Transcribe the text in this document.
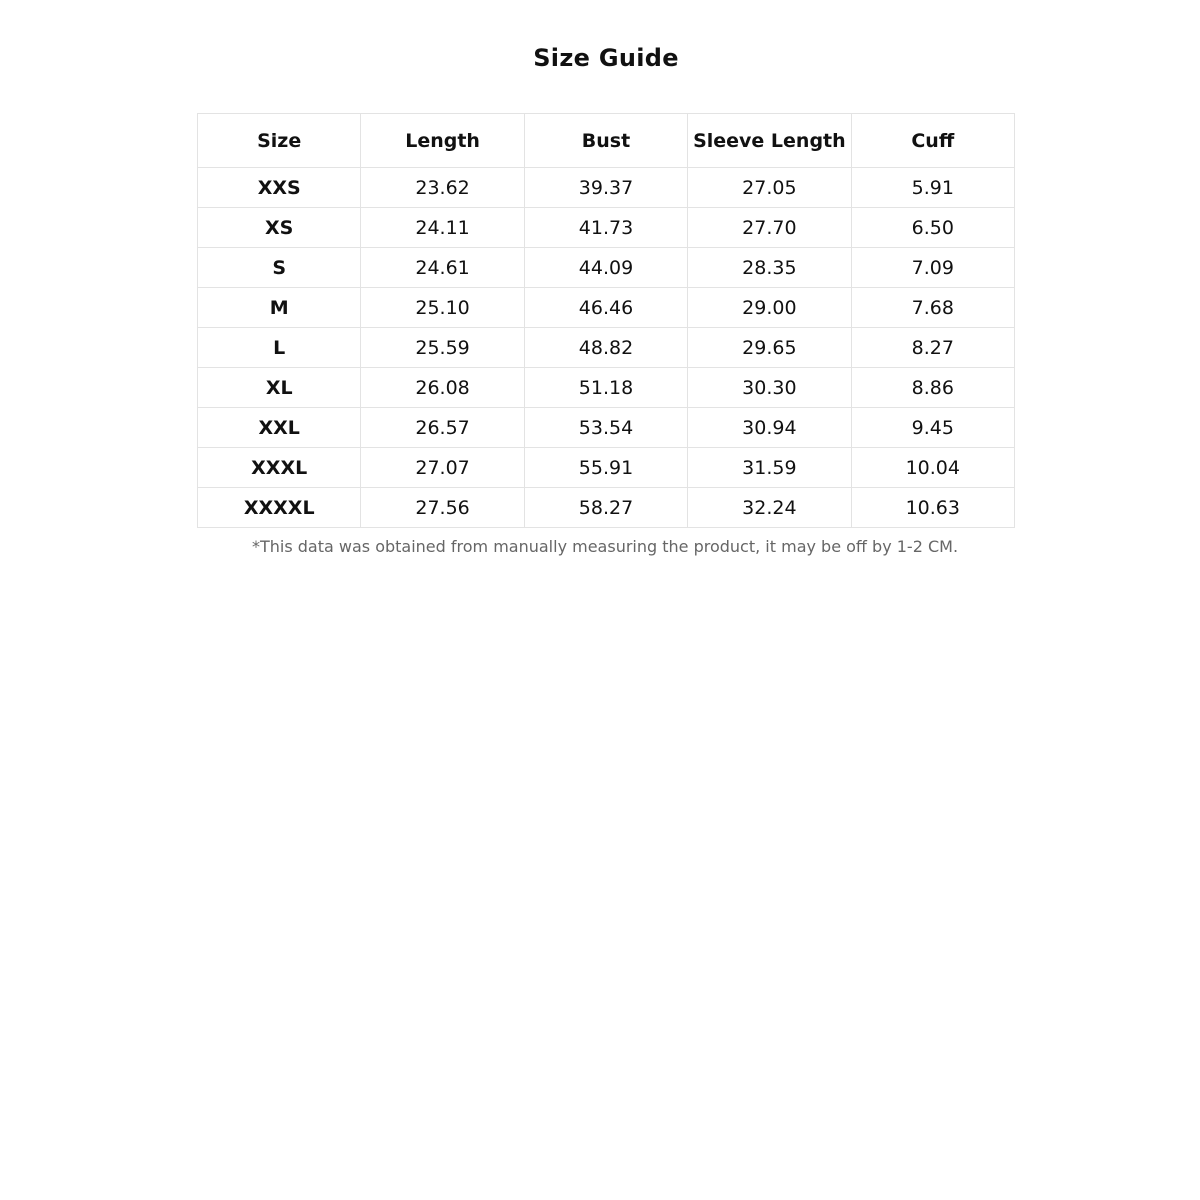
Size Guide
Size	Length	Bust	Sleeve Length	Cuff
XXS	23.62	39.37	27.05	5.91
XS	24.11	41.73	27.70	6.50
S	24.61	44.09	28.35	7.09
M	25.10	46.46	29.00	7.68
L	25.59	48.82	29.65	8.27
XL	26.08	51.18	30.30	8.86
XXL	26.57	53.54	30.94	9.45
XXXL	27.07	55.91	31.59	10.04
XXXXL	27.56	58.27	32.24	10.63

*This data was obtained from manually measuring the product, it may be off by 1-2 CM.
